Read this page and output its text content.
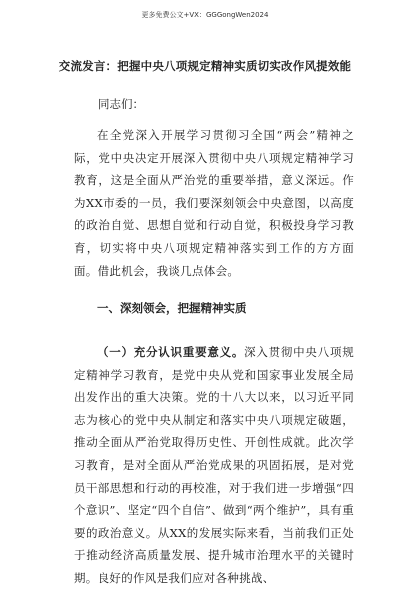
更多免费公文+VX：GGGongWen2024
交流发言：把握中央八项规定精神实质切实改作风提效能
同志们：

在全党深入开展学习贯彻习全国“两会”精神之际，党中央决定开展深入贯彻中央八项规定精神学习教育，这是全面从严治党的重要举措，意义深远。作为XX市委的一员，我们要深刻领会中央意图，以高度的政治自觉、思想自觉和行动自觉，积极投身学习教育，切实将中央八项规定精神落实到工作的方方面面。借此机会，我谈几点体会。

一、深刻领会，把握精神实质

（一）充分认识重要意义。深入贯彻中央八项规定精神学习教育，是党中央从党和国家事业发展全局出发作出的重大决策。党的十八大以来，以习近平同志为核心的党中央从制定和落实中央八项规定破题，推动全面从严治党取得历史性、开创性成就。此次学习教育，是对全面从严治党成果的巩固拓展，是对党员干部思想和行动的再校准，对于我们进一步增强“四个意识”、坚定“四个自信”、做到“两个维护”，具有重要的政治意义。从XX的发展实际来看，当前我们正处于推动经济高质量发展、提升城市治理水平的关键时期。良好的作风是我们应对各种挑战、
